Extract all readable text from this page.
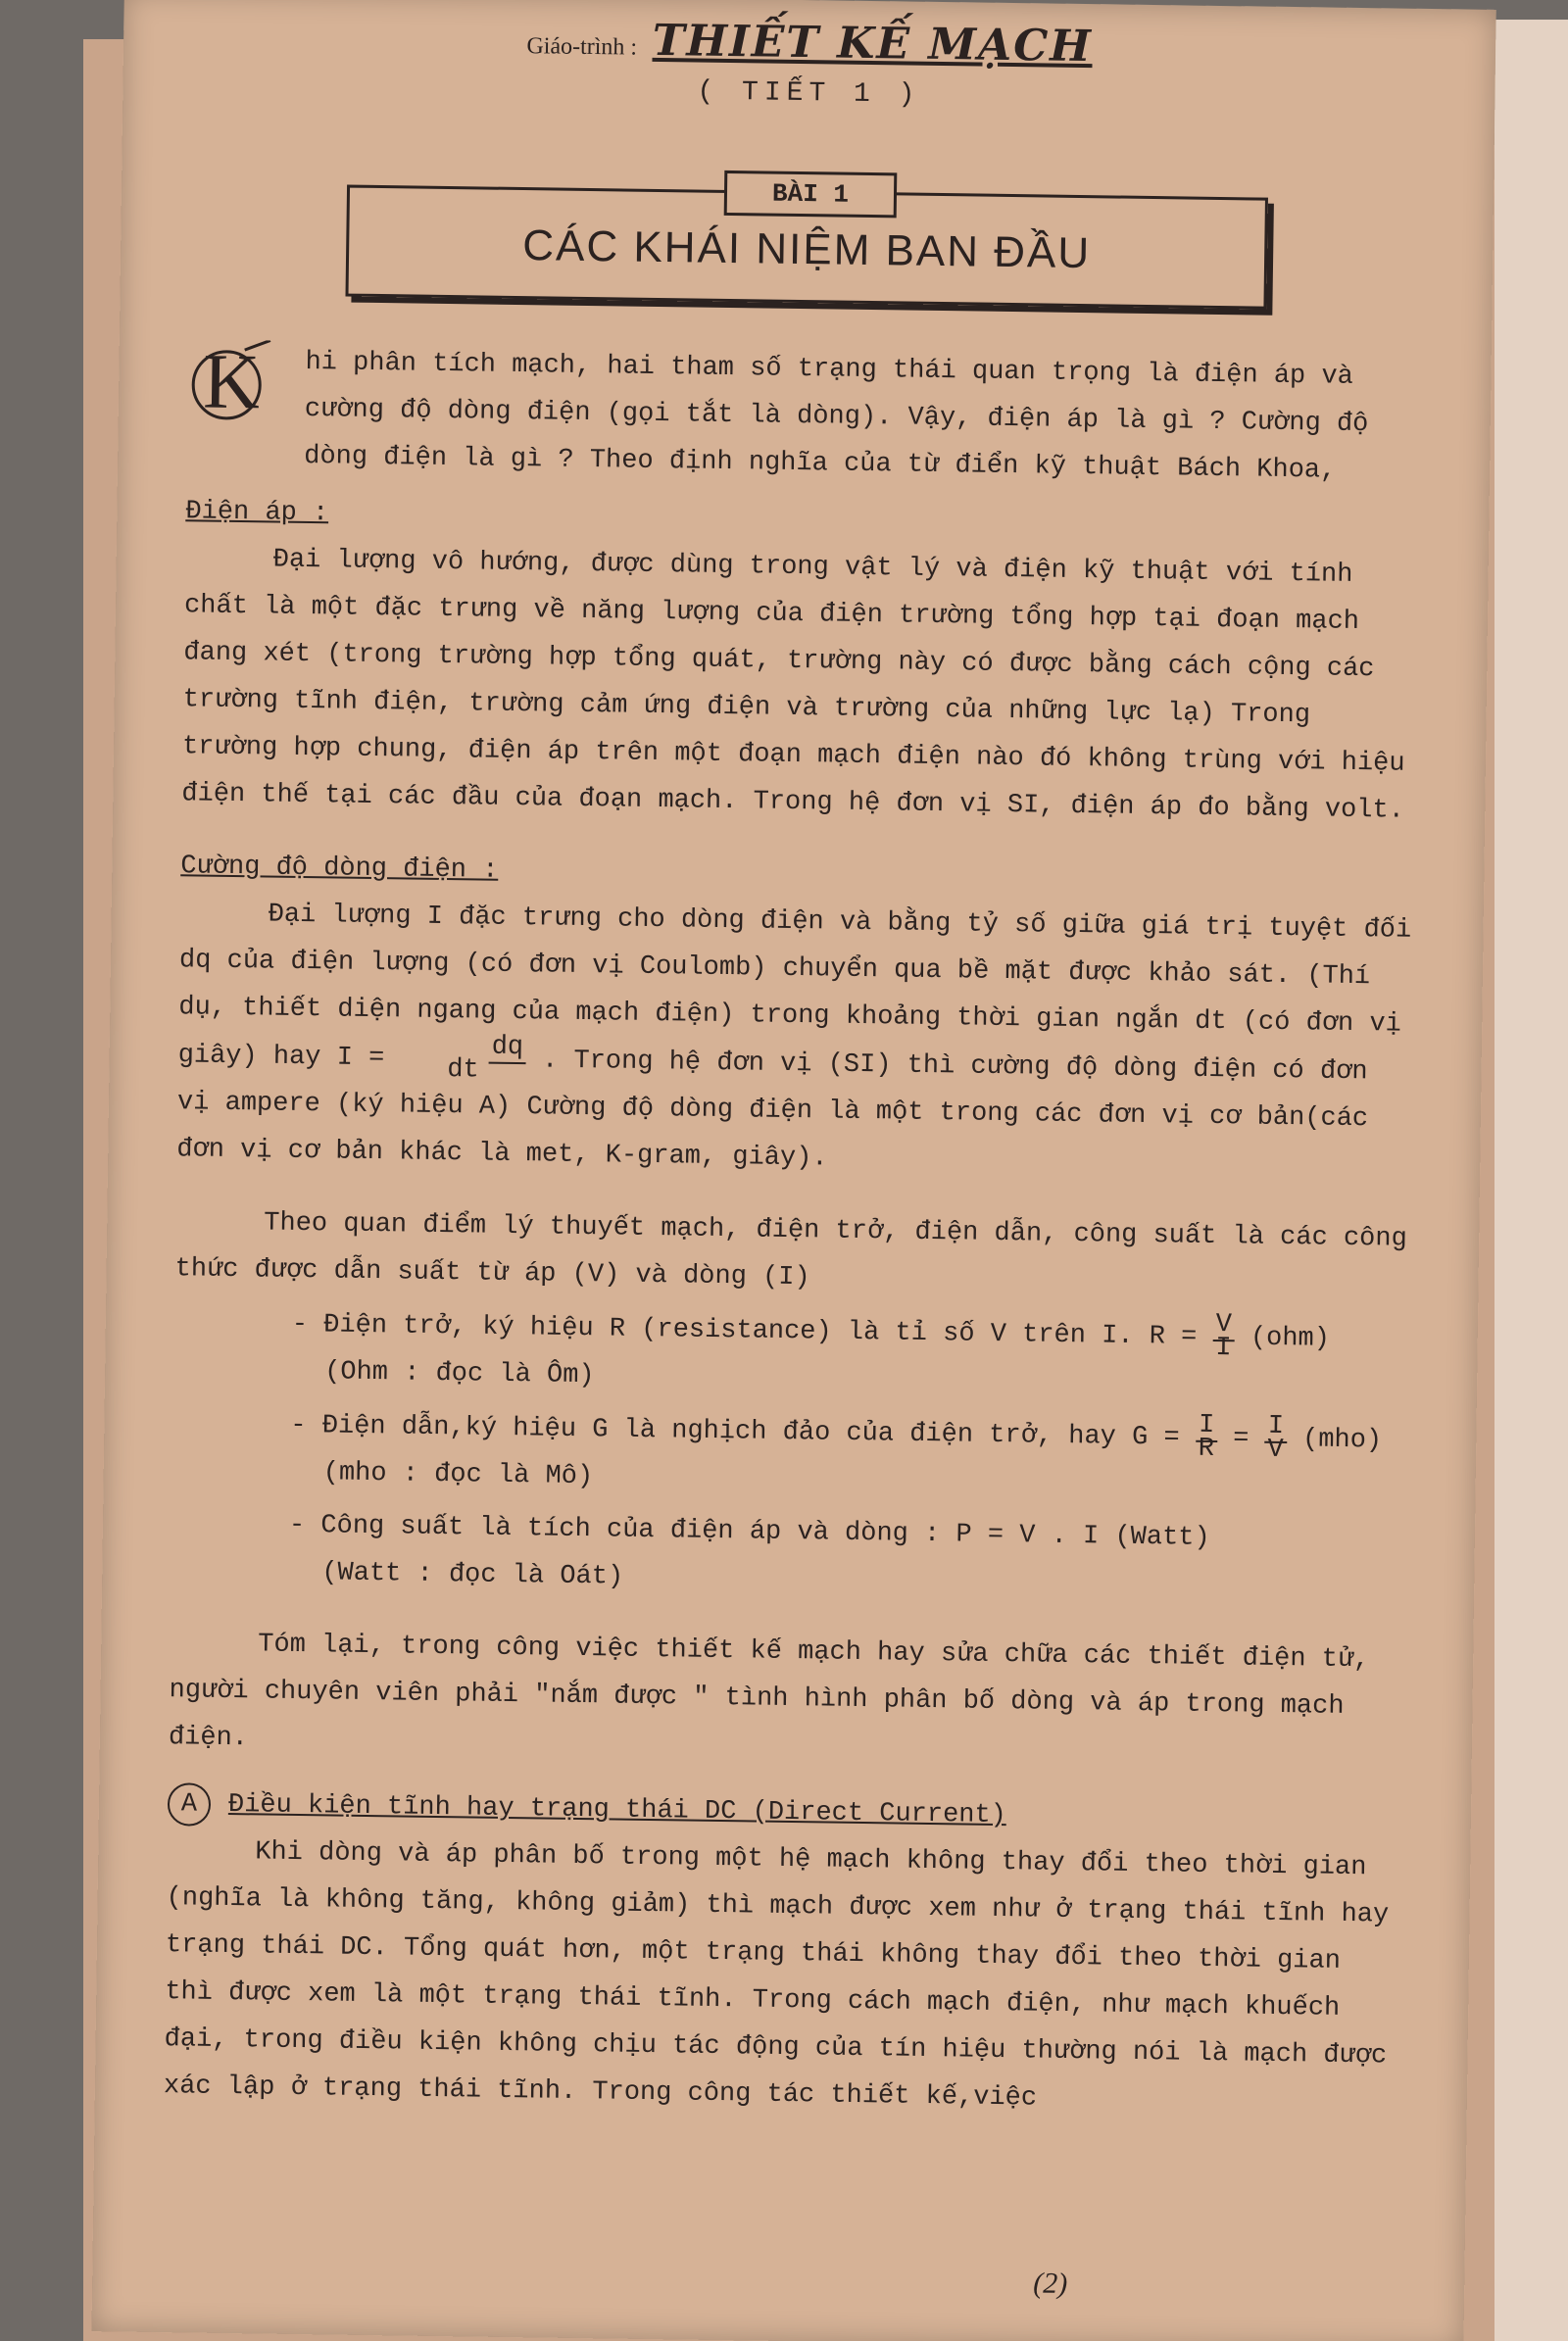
Giáo-trình : THIẾT KẾ MẠCH
( TIẾT 1 )
BÀI 1
CÁC KHÁI NIỆM BAN ĐẦU
K	hi phân tích mạch, hai tham số trạng thái quan trọng là điện áp và cường độ dòng điện (gọi tắt là dòng). Vậy, điện áp là gì ? Cường độ dòng điện là gì ? Theo định nghĩa của từ điển kỹ thuật Bách Khoa,
Điện áp :

Đại lượng vô hướng, được dùng trong vật lý và điện kỹ thuật với tính chất là một đặc trưng về năng lượng của điện trường tổng hợp tại đoạn mạch đang xét (trong trường hợp tổng quát, trường này có được bằng cách cộng các trường tĩnh điện, trường cảm ứng điện và trường của những lực lạ) Trong trường hợp chung, điện áp trên một đoạn mạch điện nào đó không trùng với hiệu điện thế tại các đầu của đoạn mạch. Trong hệ đơn vị SI, điện áp đo bằng volt.

Cường độ dòng điện :

Đại lượng I đặc trưng cho dòng điện và bằng tỷ số giữa giá trị tuyệt đối dq của điện lượng (có đơn vị Coulomb) chuyển qua bề mặt được khảo sát. (Thí dụ, thiết diện ngang của mạch điện) trong khoảng thời gian ngắn dt (có đơn vị giây) hay I =	dq
dt . Trong hệ đơn vị (SI) thì cường độ dòng điện có đơn vị ampere (ký hiệu A) Cường độ dòng điện là một trong các đơn vị cơ bản(các đơn vị cơ bản khác là met, K-gram, giây).

Theo quan điểm lý thuyết mạch, điện trở, điện dẫn, công suất là các công thức được dẫn suất từ áp (V) và dòng (I)

- Điện trở, ký hiệu R (resistance) là tỉ số V trên I. R = V
I (ohm)
(Ohm : đọc là Ôm)
- Điện dẫn,ký hiệu G là nghịch đảo của điện trở, hay G = I
R = I
V (mho)
(mho : đọc là Mô)
- Công suất là tích của điện áp và dòng : P = V . I (Watt)
(Watt : đọc là Oát)

Tóm lại, trong công việc thiết kế mạch hay sửa chữa các thiết điện tử, người chuyên viên phải "nắm được " tình hình phân bố dòng và áp trong mạch điện.

A	Điều kiện tĩnh hay trạng thái DC (Direct Current)

Khi dòng và áp phân bố trong một hệ mạch không thay đổi theo thời gian (nghĩa là không tăng, không giảm) thì mạch được xem như ở trạng thái tĩnh hay trạng thái DC. Tổng quát hơn, một trạng thái không thay đổi theo thời gian thì được xem là một trạng thái tĩnh. Trong cách mạch điện, như mạch khuếch đại, trong điều kiện không chịu tác động của tín hiệu thường nói là mạch được xác lập ở trạng thái tĩnh. Trong công tác thiết kế,việc

(2)
